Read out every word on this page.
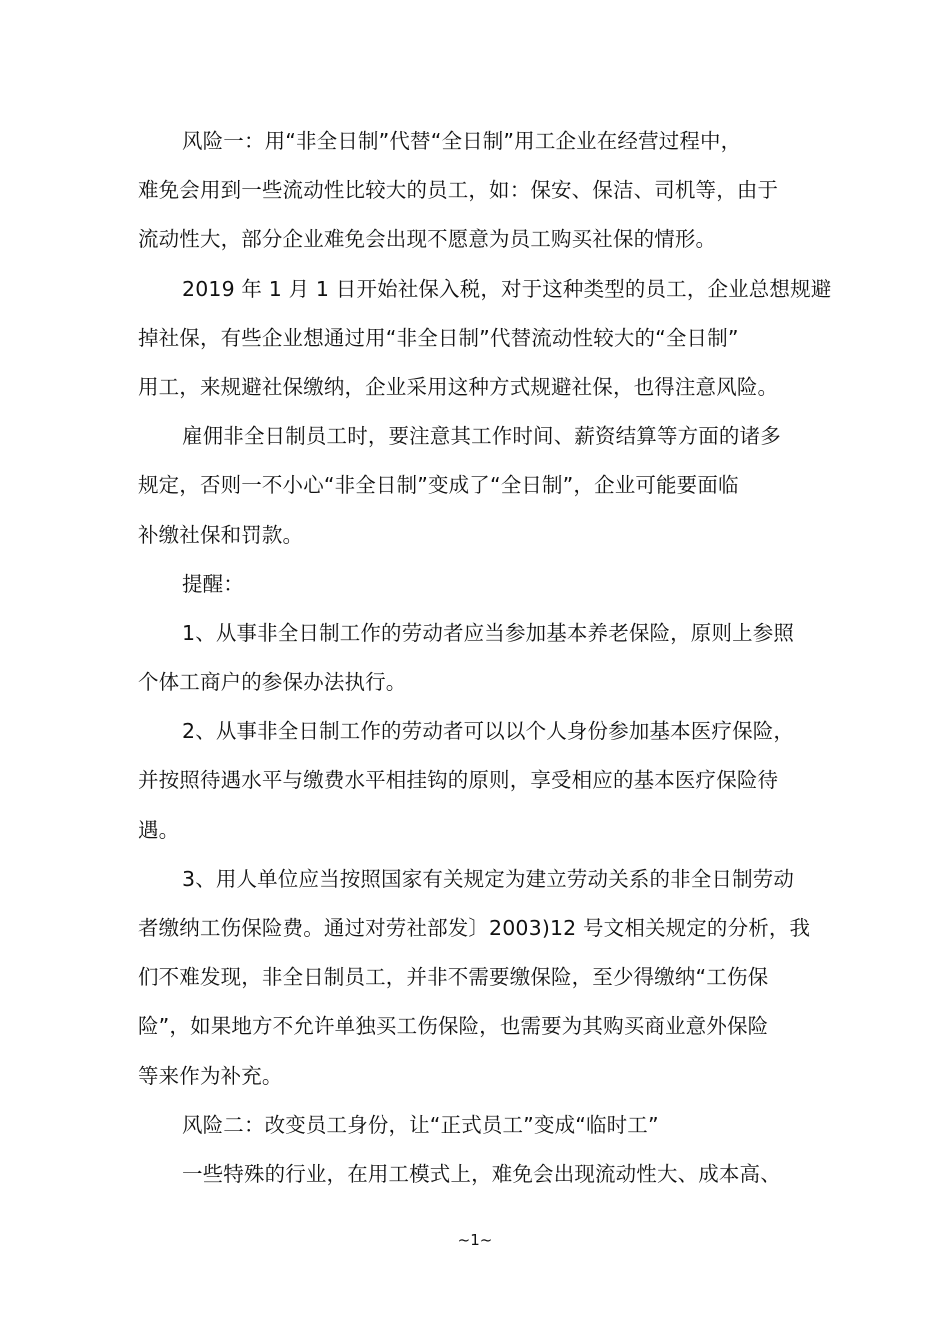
风险一：用“非全日制”代替“全日制”用工企业在经营过程中，
难免会用到一些流动性比较大的员工，如：保安、保洁、司机等，由于
流动性大，部分企业难免会出现不愿意为员工购买社保的情形。
2019 年 1 月 1 日开始社保入税，对于这种类型的员工，企业总想规避
掉社保，有些企业想通过用“非全日制”代替流动性较大的“全日制”
用工，来规避社保缴纳，企业采用这种方式规避社保，也得注意风险。
雇佣非全日制员工时，要注意其工作时间、薪资结算等方面的诸多
规定，否则一不小心“非全日制”变成了“全日制”，企业可能要面临
补缴社保和罚款。
提醒：
1、从事非全日制工作的劳动者应当参加基本养老保险，原则上参照
个体工商户的参保办法执行。
2、从事非全日制工作的劳动者可以以个人身份参加基本医疗保险，
并按照待遇水平与缴费水平相挂钩的原则，享受相应的基本医疗保险待
遇。
3、用人单位应当按照国家有关规定为建立劳动关系的非全日制劳动
者缴纳工伤保险费。通过对劳社部发〕2003)12 号文相关规定的分析，我
们不难发现，非全日制员工，并非不需要缴保险，至少得缴纳“工伤保
险”，如果地方不允许单独买工伤保险，也需要为其购买商业意外保险
等来作为补充。
风险二：改变员工身份，让“正式员工”变成“临时工”
一些特殊的行业，在用工模式上，难免会出现流动性大、成本高、
~1~
